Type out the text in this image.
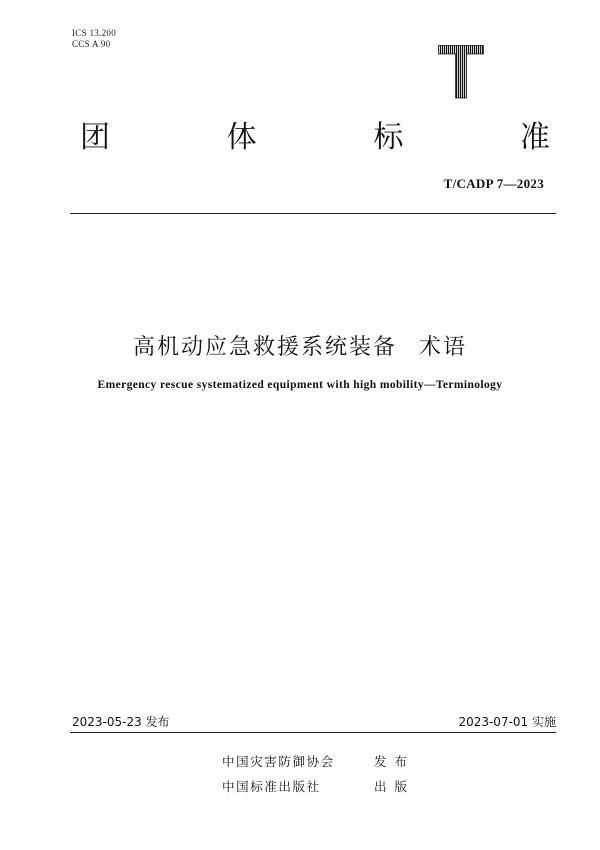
ICS 13.200
CCS A 90	T
团	体	标	准
T/CADP 7—2023
高机动应急救援系统装备 术语
Emergency rescue systematized equipment with high mobility—Terminology
2023-05-23 发布	2023-07-01 实施
中国灾害防御协会	发布
中国标准出版社	出版
